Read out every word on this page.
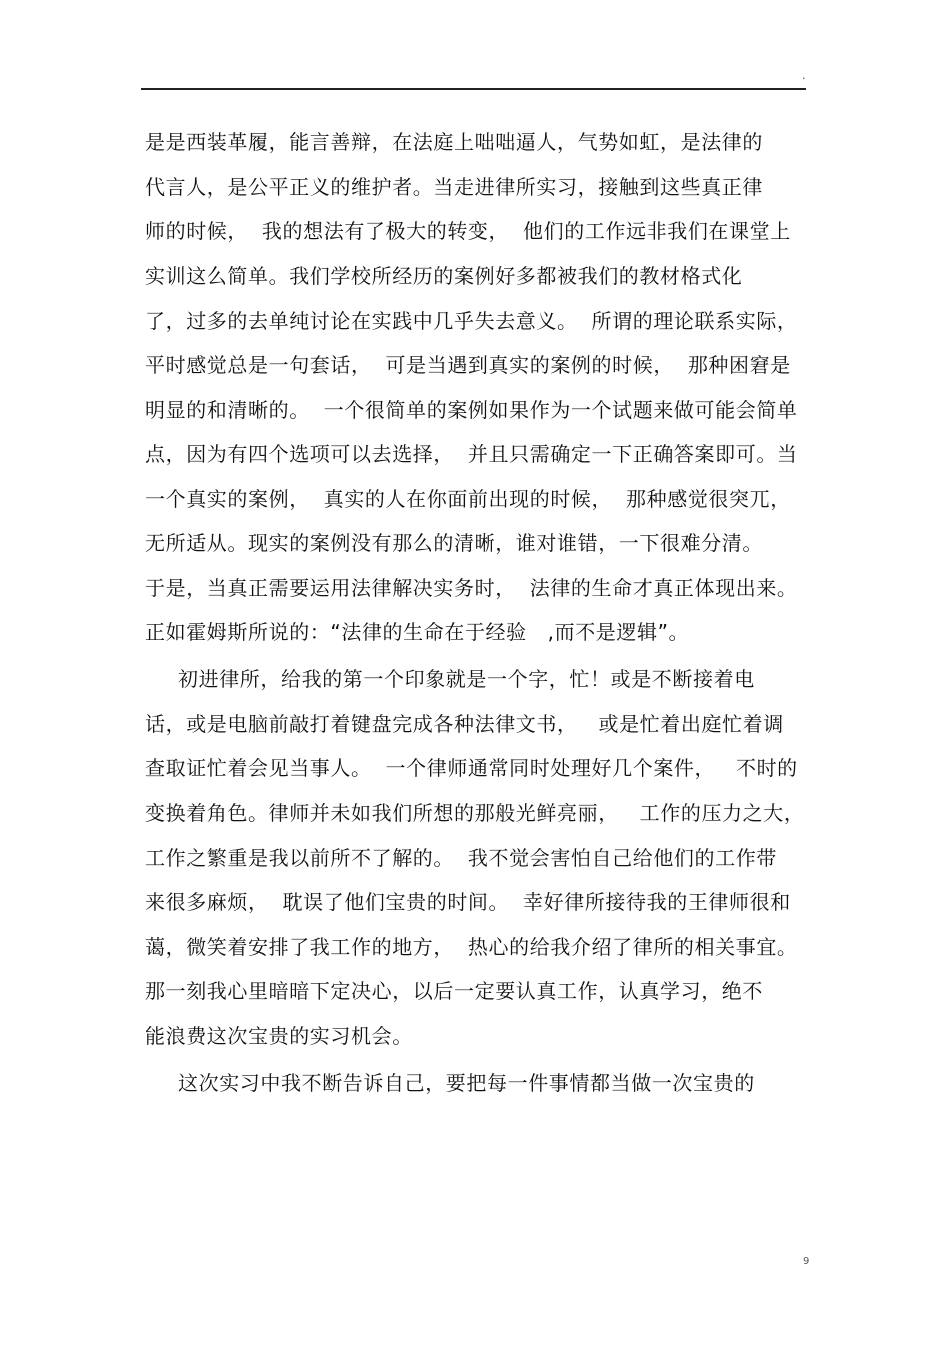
.
是是西装革履，能言善辩，在法庭上咄咄逼人，气势如虹，是法律的
代言人，是公平正义的维护者。当走进律所实习，接触到这些真正律
师的时候，  我的想法有了极大的转变，  他们的工作远非我们在课堂上
实训这么简单。我们学校所经历的案例好多都被我们的教材格式化
了，过多的去单纯讨论在实践中几乎失去意义。  所谓的理论联系实际，
平时感觉总是一句套话，  可是当遇到真实的案例的时候，  那种困窘是
明显的和清晰的。  一个很简单的案例如果作为一个试题来做可能会简单
点，因为有四个选项可以去选择，  并且只需确定一下正确答案即可。当
一个真实的案例，  真实的人在你面前出现的时候，  那种感觉很突兀，
无所适从。现实的案例没有那么的清晰，谁对谁错，一下很难分清。
于是，当真正需要运用法律解决实务时，  法律的生命才真正体现出来。
正如霍姆斯所说的：“法律的生命在于经验   ,而不是逻辑”。
初进律所，给我的第一个印象就是一个字，忙！或是不断接着电
话，或是电脑前敲打着键盘完成各种法律文书，   或是忙着出庭忙着调
查取证忙着会见当事人。  一个律师通常同时处理好几个案件，   不时的
变换着角色。律师并未如我们所想的那般光鲜亮丽，   工作的压力之大，
工作之繁重是我以前所不了解的。  我不觉会害怕自己给他们的工作带
来很多麻烦，  耽误了他们宝贵的时间。  幸好律所接待我的王律师很和
蔼，微笑着安排了我工作的地方，  热心的给我介绍了律所的相关事宜。
那一刻我心里暗暗下定决心，以后一定要认真工作，认真学习，绝不
能浪费这次宝贵的实习机会。
这次实习中我不断告诉自己，要把每一件事情都当做一次宝贵的
9
